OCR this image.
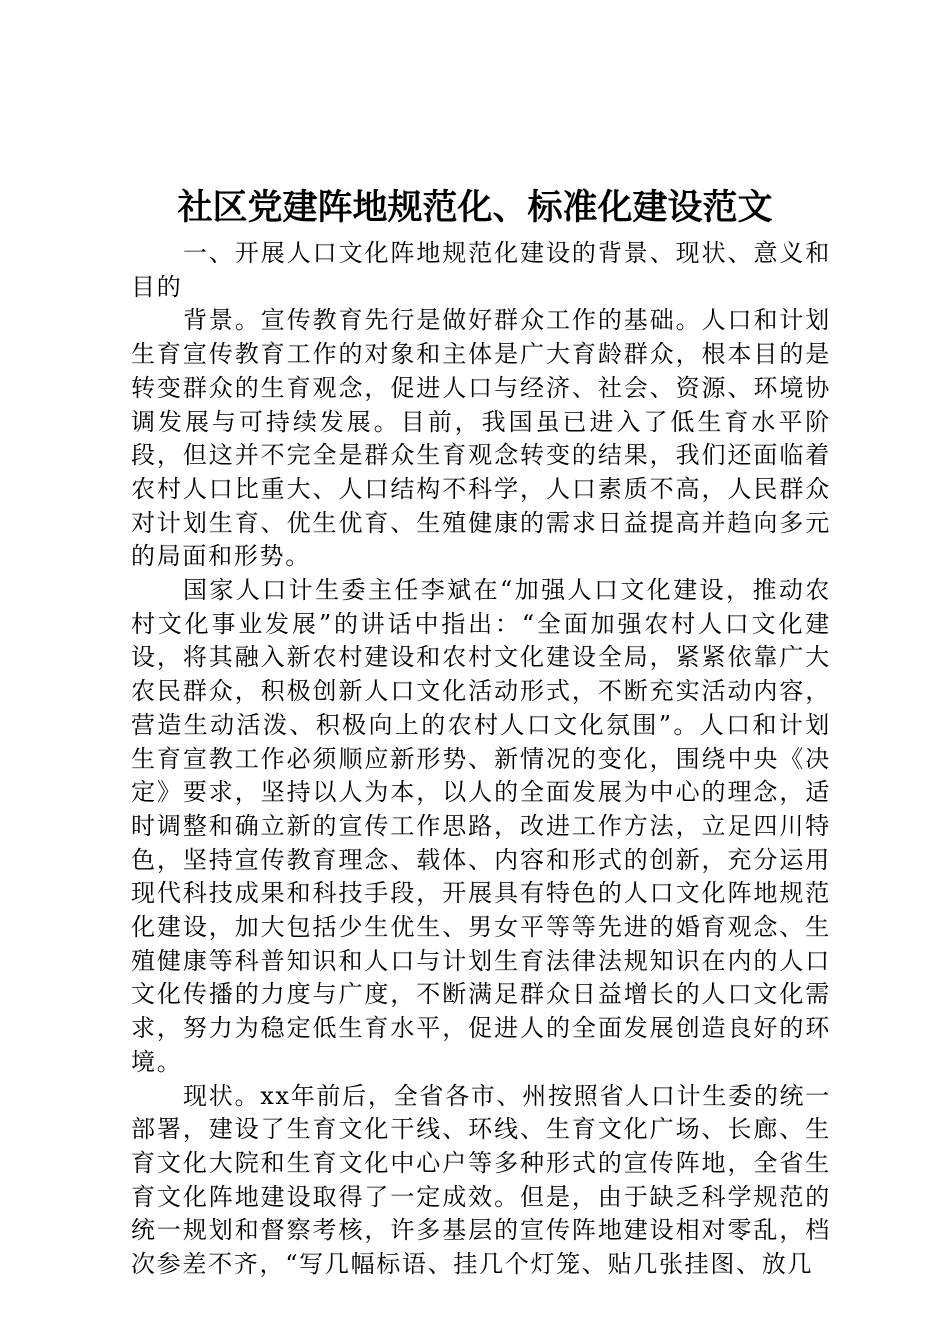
社区党建阵地规范化、标准化建设范文

一、开展人口文化阵地规范化建设的背景、现状、意义和目的

背景。宣传教育先行是做好群众工作的基础。人口和计划生育宣传教育工作的对象和主体是广大育龄群众，根本目的是转变群众的生育观念，促进人口与经济、社会、资源、环境协调发展与可持续发展。目前，我国虽已进入了低生育水平阶段，但这并不完全是群众生育观念转变的结果，我们还面临着农村人口比重大、人口结构不科学，人口素质不高，人民群众对计划生育、优生优育、生殖健康的需求日益提高并趋向多元的局面和形势。

国家人口计生委主任李斌在“加强人口文化建设，推动农村文化事业发展”的讲话中指出：“全面加强农村人口文化建设，将其融入新农村建设和农村文化建设全局，紧紧依靠广大农民群众，积极创新人口文化活动形式，不断充实活动内容，营造生动活泼、积极向上的农村人口文化氛围”。人口和计划生育宣教工作必须顺应新形势、新情况的变化，围绕中央《决定》要求，坚持以人为本，以人的全面发展为中心的理念，适时调整和确立新的宣传工作思路，改进工作方法，立足四川特色，坚持宣传教育理念、载体、内容和形式的创新，充分运用现代科技成果和科技手段，开展具有特色的人口文化阵地规范化建设，加大包括少生优生、男女平等等先进的婚育观念、生殖健康等科普知识和人口与计划生育法律法规知识在内的人口文化传播的力度与广度，不断满足群众日益增长的人口文化需求，努力为稳定低生育水平，促进人的全面发展创造良好的环境。

现状。xx年前后，全省各市、州按照省人口计生委的统一部署，建设了生育文化干线、环线、生育文化广场、长廊、生育文化大院和生育文化中心户等多种形式的宣传阵地，全省生育文化阵地建设取得了一定成效。但是，由于缺乏科学规范的统一规划和督察考核，许多基层的宣传阵地建设相对零乱，档次参差不齐，“写几幅标语、挂几个灯笼、贴几张挂图、放几
